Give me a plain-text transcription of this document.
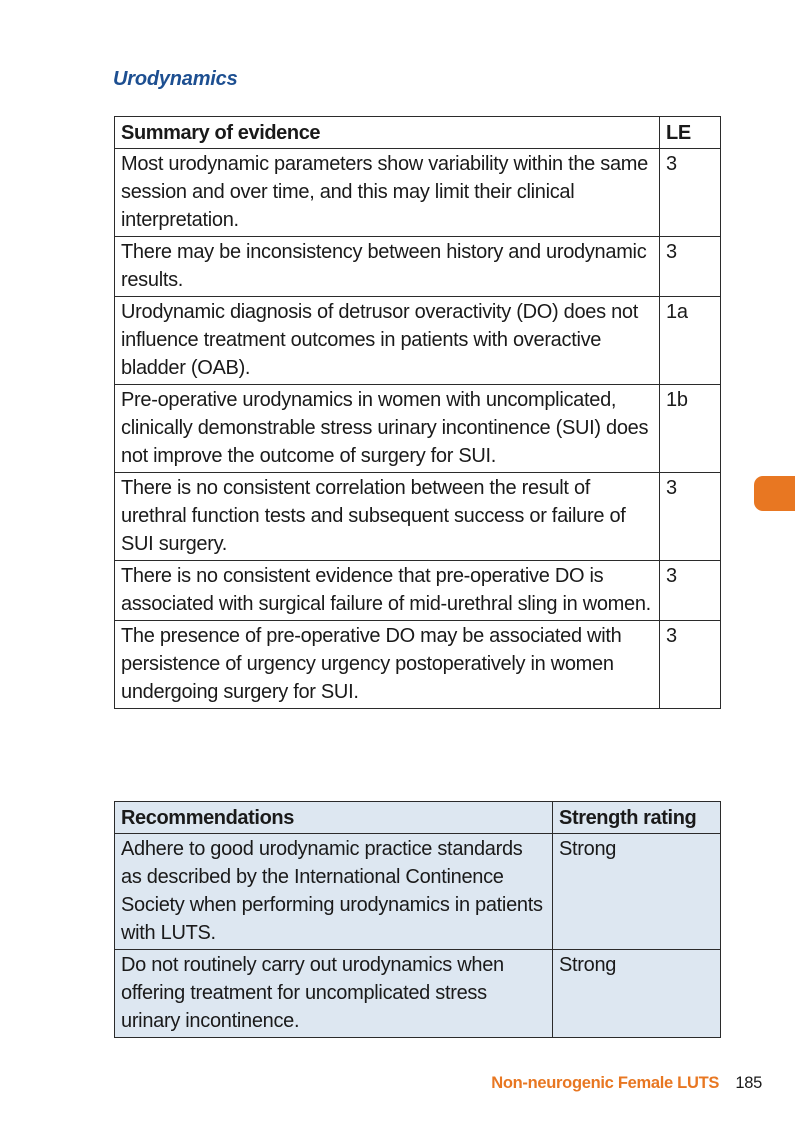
Urodynamics
Summary of evidence	LE
Most urodynamic parameters show variability within the same session and over time, and this may limit their clinical interpretation.	3
There may be inconsistency between history and urodynamic results.	3
Urodynamic diagnosis of detrusor overactivity (DO) does not influence treatment outcomes in patients with overactive bladder (OAB).	1a
Pre-operative urodynamics in women with uncomplicated, clinically demonstrable stress urinary incontinence (SUI) does not improve the outcome of surgery for SUI.	1b
There is no consistent correlation between the result of urethral function tests and subsequent success or failure of SUI surgery.	3
There is no consistent evidence that pre-operative DO is associated with surgical failure of mid-urethral sling in women.	3
The presence of pre-operative DO may be associated with persistence of urgency urgency postoperatively in women undergoing surgery for SUI.	3
Recommendations	Strength rating
Adhere to good urodynamic practice standards as described by the International Continence Society when performing urodynamics in patients with LUTS.	Strong
Do not routinely carry out urodynamics when offering treatment for uncomplicated stress urinary incontinence.	Strong
Non-neurogenic Female LUTS 185
